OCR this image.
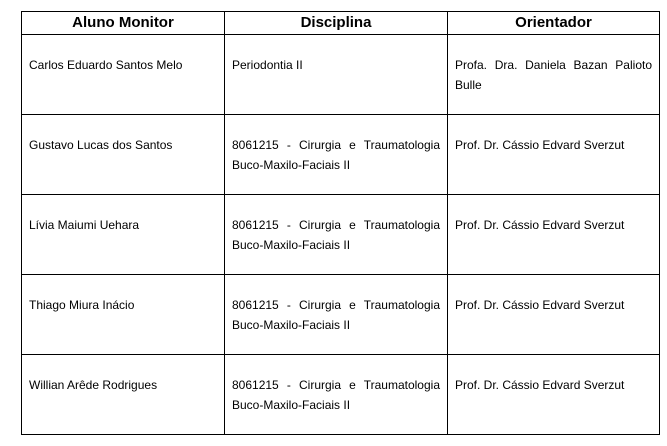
Aluno Monitor	Disciplina	Orientador
Carlos Eduardo Santos Melo	Periodontia II	Profa. Dra. Daniela Bazan Palioto Bulle
Gustavo Lucas dos Santos	8061215 - Cirurgia e Traumatologia Buco-Maxilo-Faciais II	Prof. Dr. Cássio Edvard Sverzut
Lívia Maiumi Uehara	8061215 - Cirurgia e Traumatologia Buco-Maxilo-Faciais II	Prof. Dr. Cássio Edvard Sverzut
Thiago Miura Inácio	8061215 - Cirurgia e Traumatologia Buco-Maxilo-Faciais II	Prof. Dr. Cássio Edvard Sverzut
Willian Arêde Rodrigues	8061215 - Cirurgia e Traumatologia Buco-Maxilo-Faciais II	Prof. Dr. Cássio Edvard Sverzut
